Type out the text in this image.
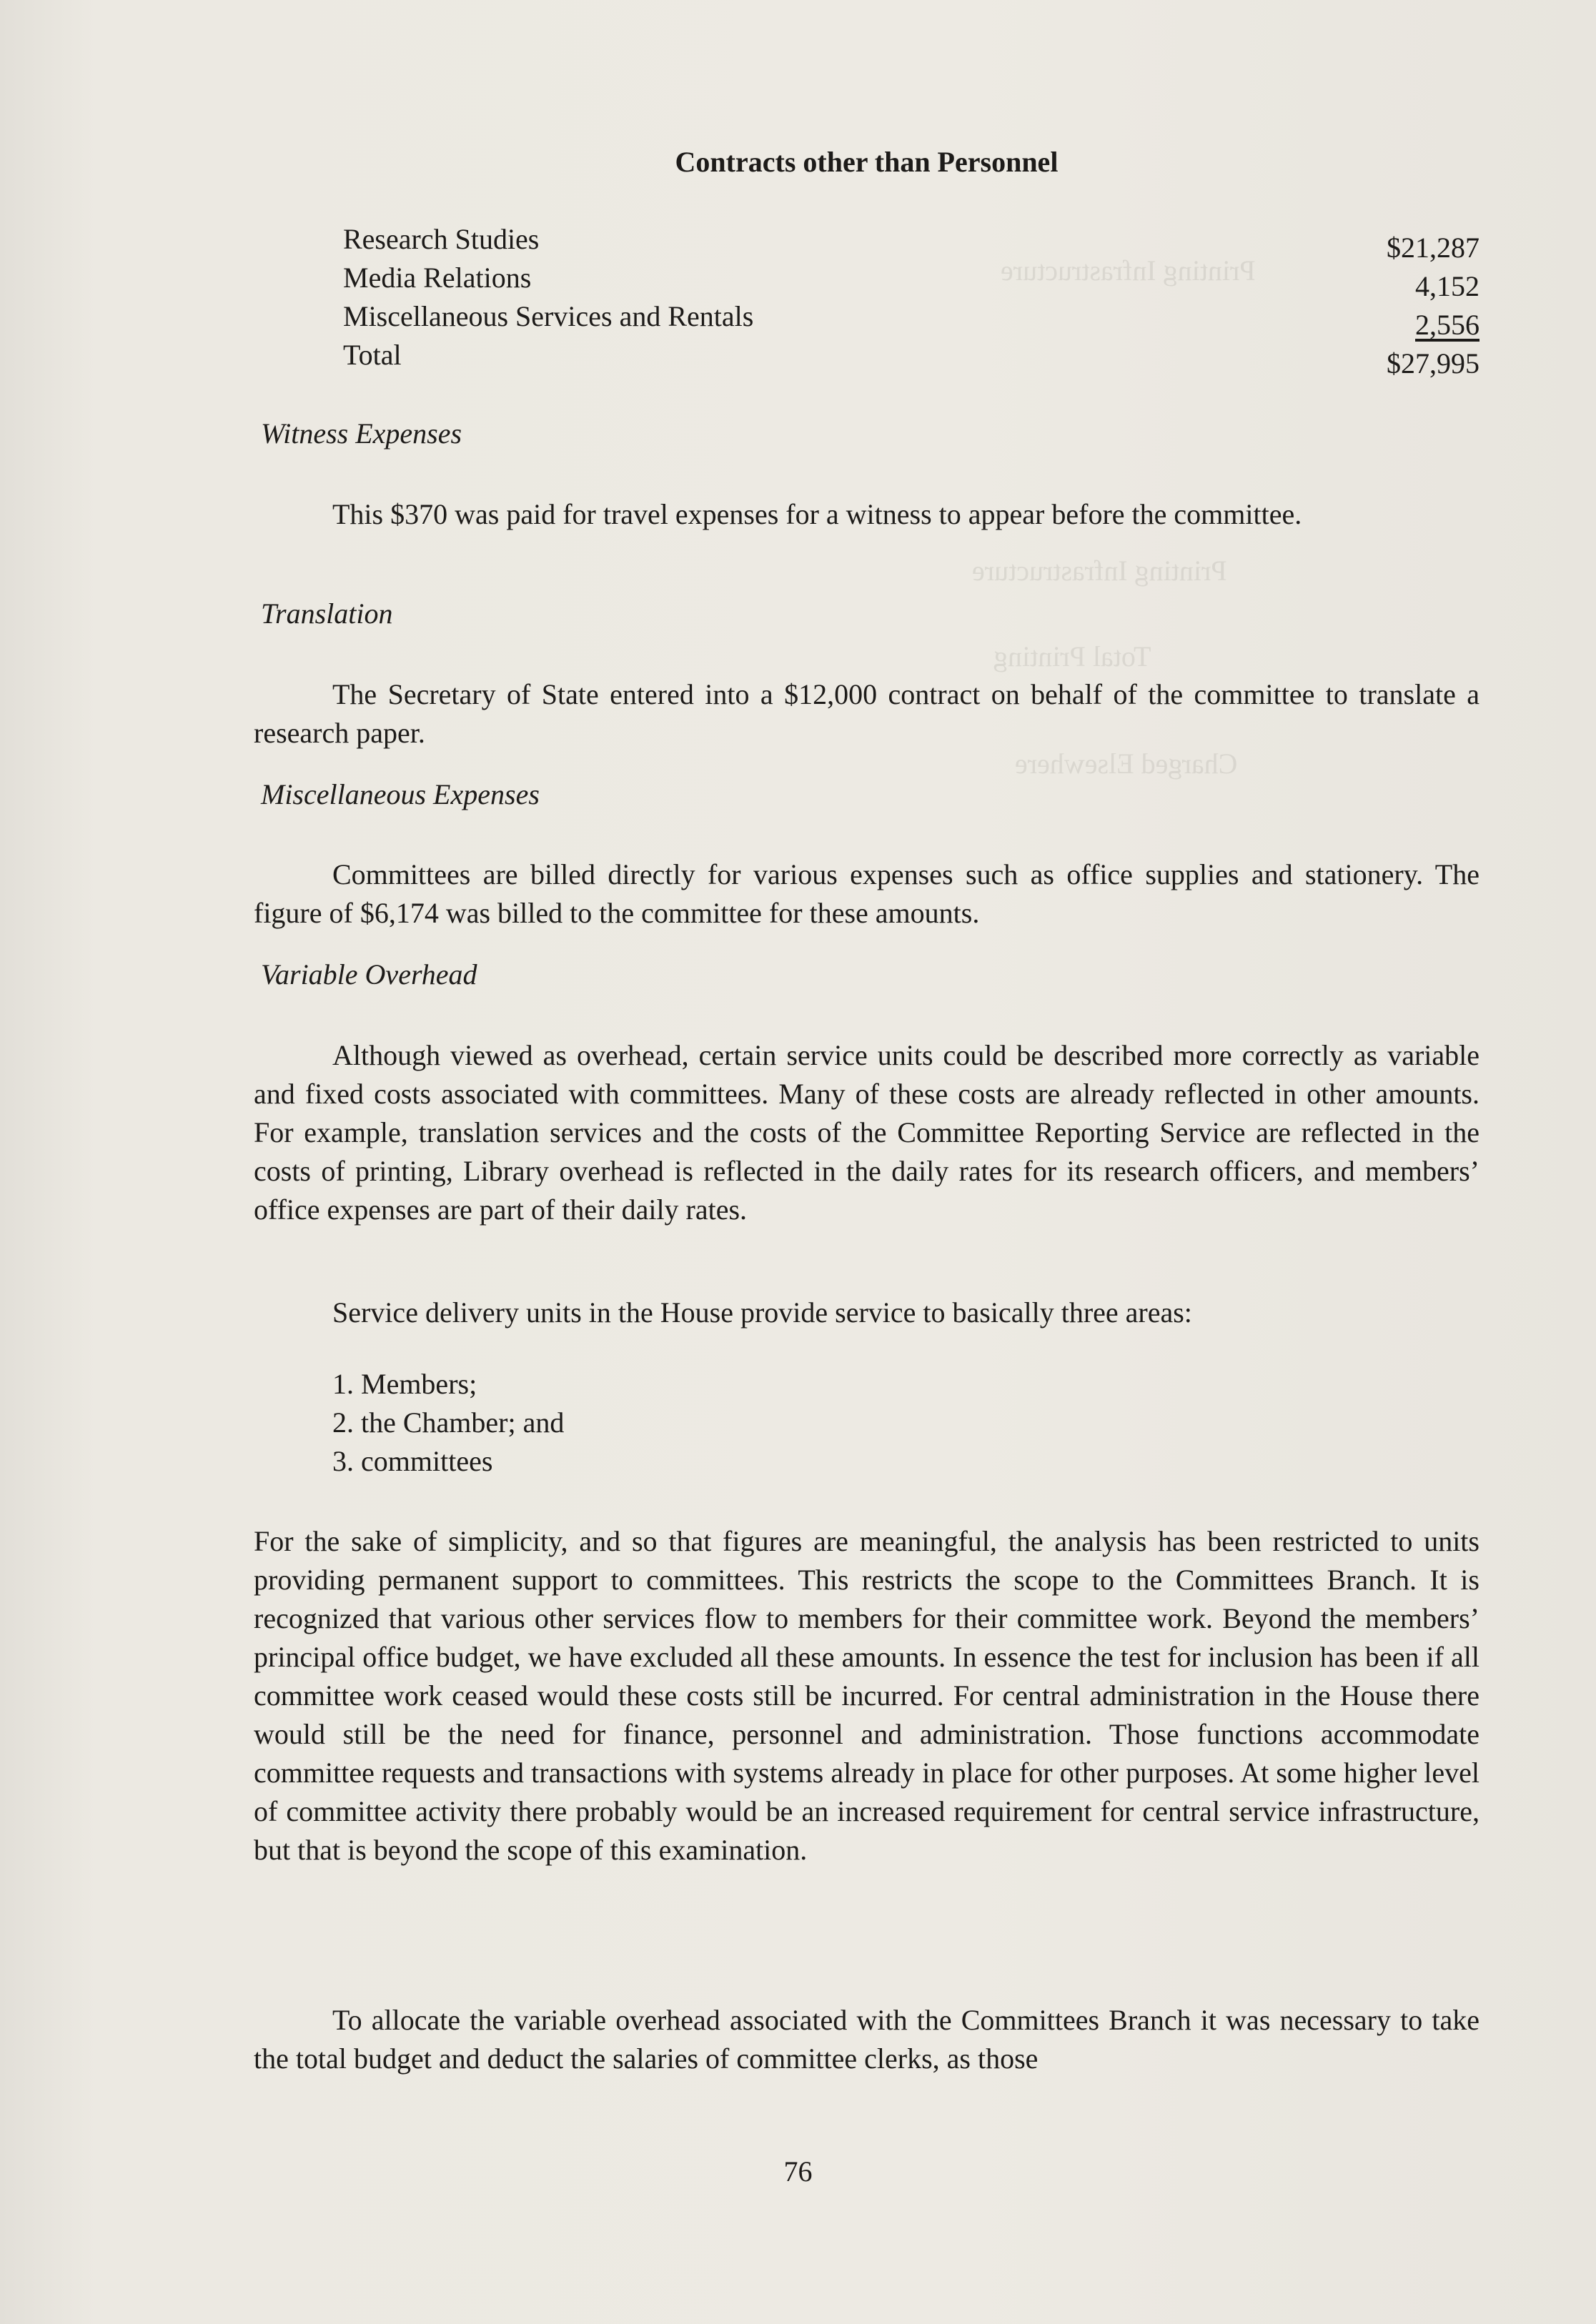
Printing Infrastructure
Printing Infrastructure
Total Printing
Charged Elsewhere
Contracts other than Personnel
Research Studies	$21,287
Media Relations	4,152
Miscellaneous Services and Rentals	2,556
Total	$27,995
Witness Expenses
This $370 was paid for travel expenses for a witness to appear before the committee.
Translation
The Secretary of State entered into a $12,000 contract on behalf of the committee to translate a research paper.
Miscellaneous Expenses
Committees are billed directly for various expenses such as office supplies and stationery. The figure of $6,174 was billed to the committee for these amounts.
Variable Overhead
Although viewed as overhead, certain service units could be described more correctly as variable and fixed costs associated with committees. Many of these costs are already reflected in other amounts. For example, translation services and the costs of the Committee Reporting Service are reflected in the costs of printing, Library overhead is reflected in the daily rates for its research officers, and members’ office expenses are part of their daily rates.
Service delivery units in the House provide service to basically three areas:
1. Members;
2. the Chamber; and
3. committees
For the sake of simplicity, and so that figures are meaningful, the analysis has been restricted to units providing permanent support to committees. This restricts the scope to the Committees Branch. It is recognized that various other services flow to members for their committee work. Beyond the members’ principal office budget, we have excluded all these amounts. In essence the test for inclusion has been if all committee work ceased would these costs still be incurred. For central administration in the House there would still be the need for finance, personnel and administration. Those functions accommodate committee requests and transactions with systems already in place for other purposes. At some higher level of committee activity there probably would be an increased requirement for central service infrastructure, but that is beyond the scope of this examination.
To allocate the variable overhead associated with the Committees Branch it was necessary to take the total budget and deduct the salaries of committee clerks, as those
76
